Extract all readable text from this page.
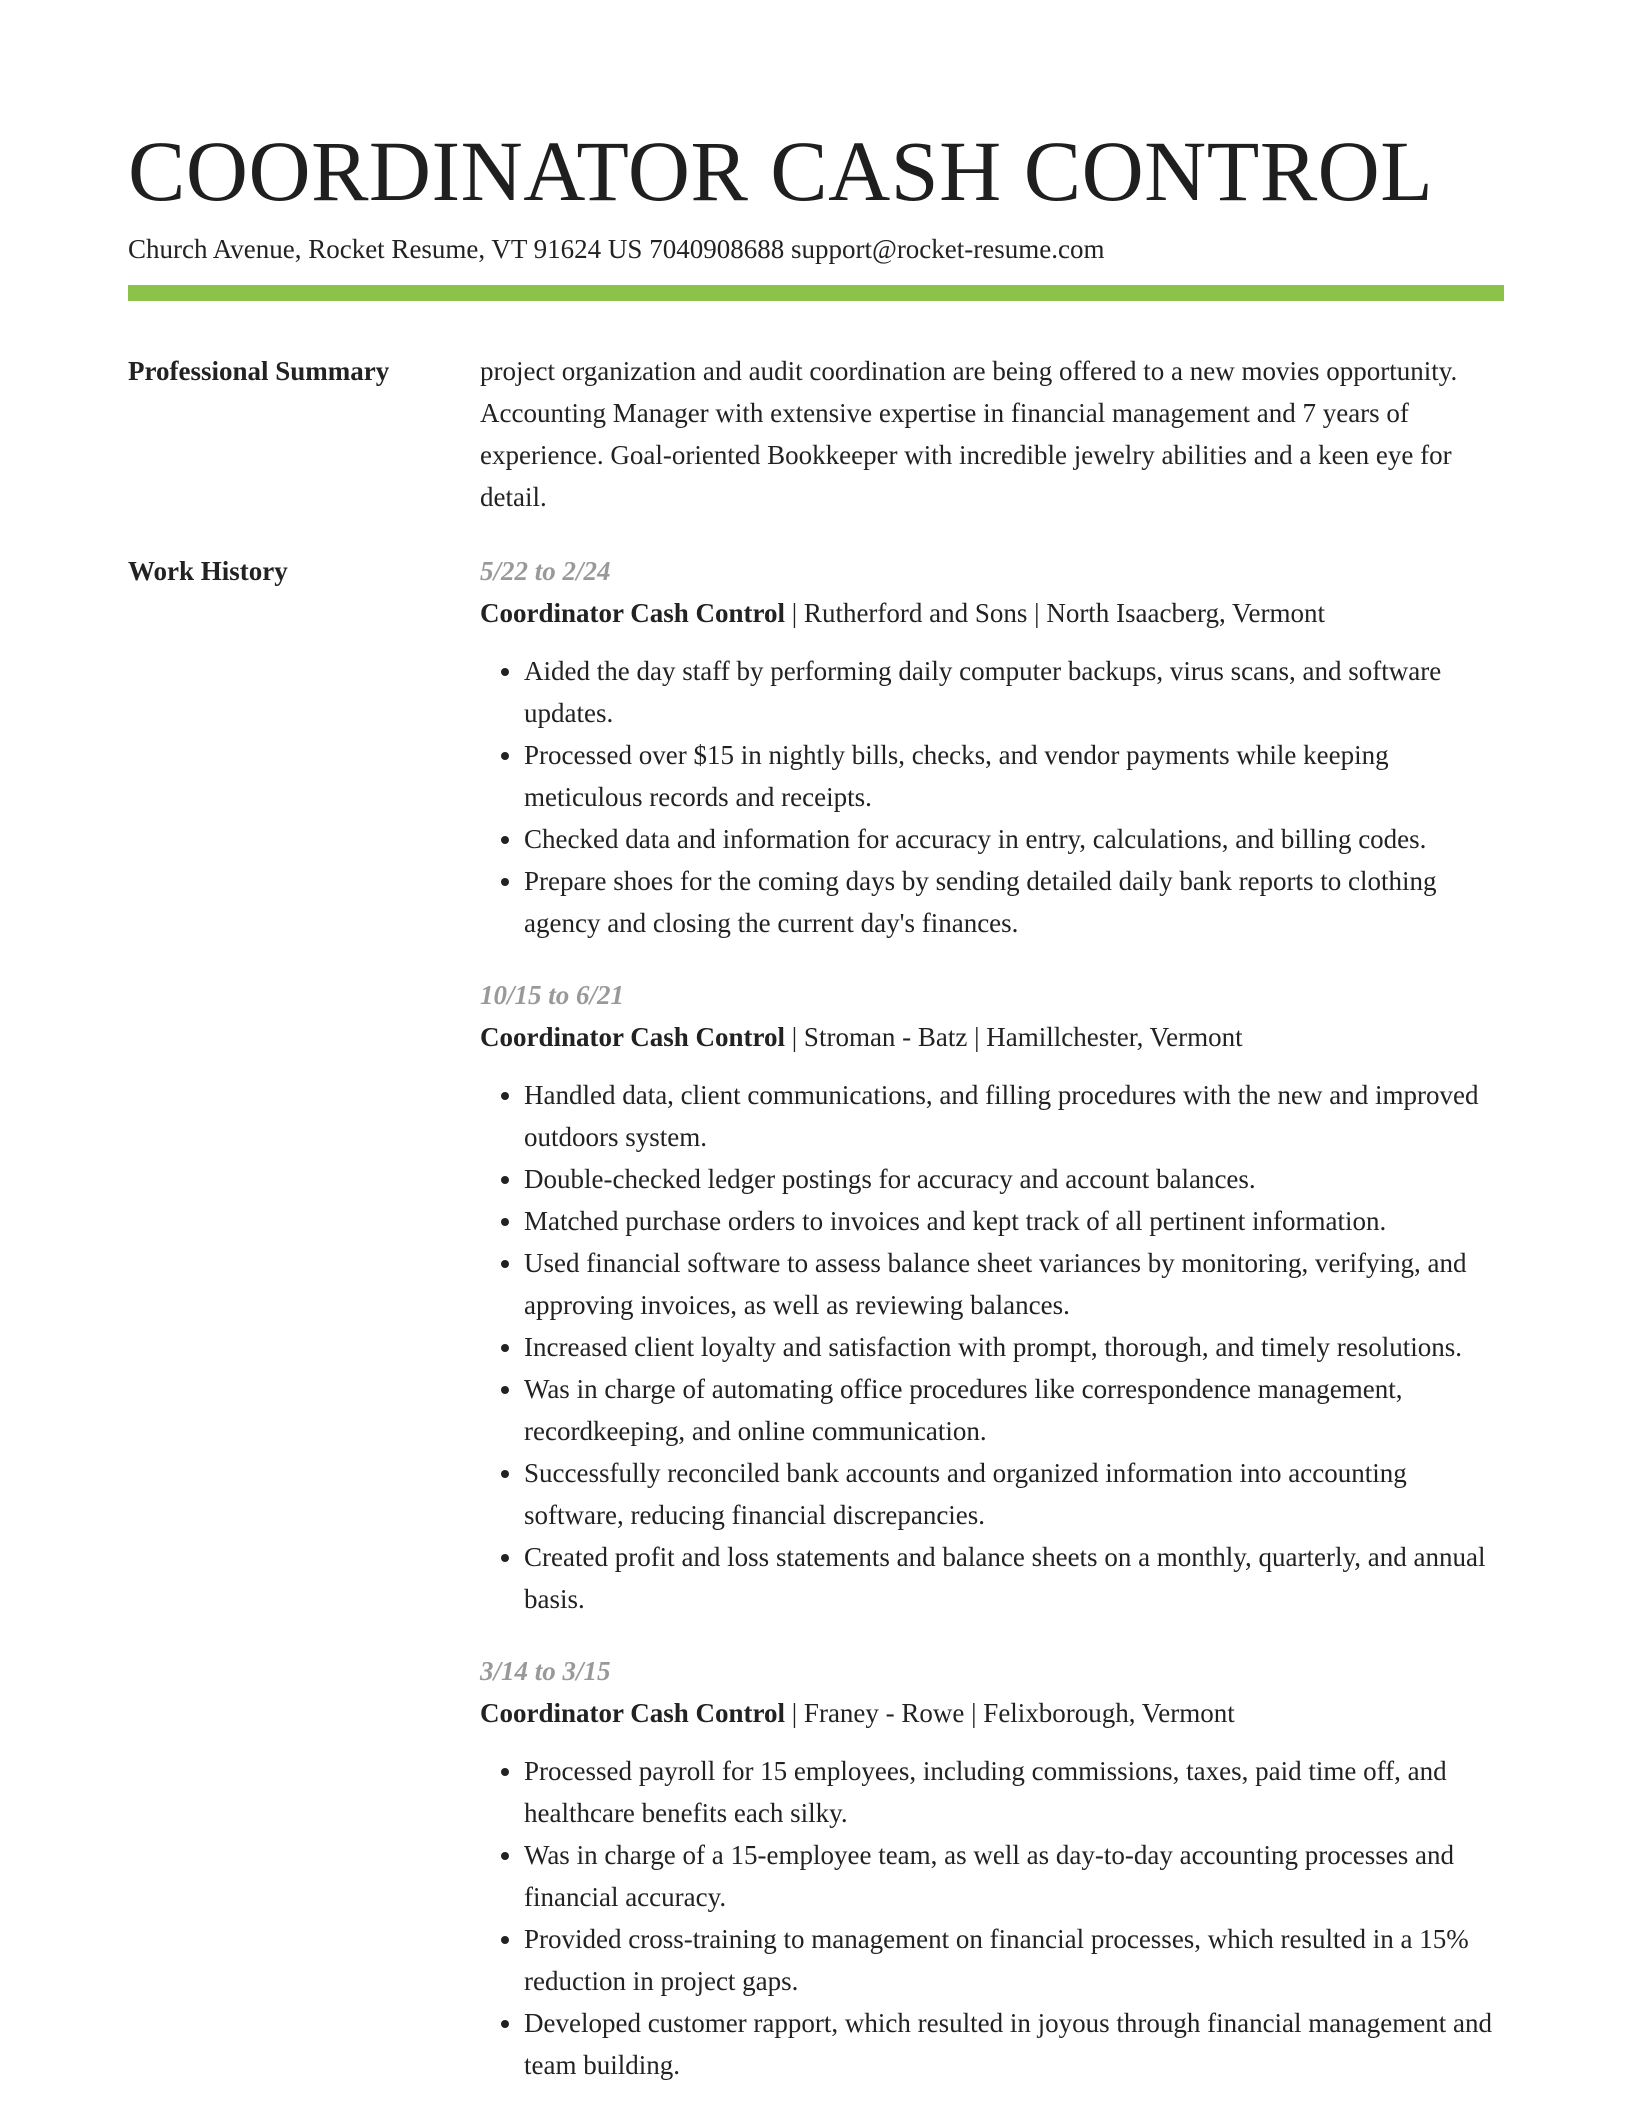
COORDINATOR CASH CONTROL
Church Avenue, Rocket Resume, VT 91624 US 7040908688 support@rocket-resume.com
Professional Summary	project organization and audit coordination are being offered to a new movies opportunity. Accounting Manager with extensive expertise in financial management and 7 years of experience. Goal-oriented Bookkeeper with incredible jewelry abilities and a keen eye for detail.

Work History	5/22 to 2/24
Coordinator Cash Control | Rutherford and Sons | North Isaacberg, Vermont
• Aided the day staff by performing daily computer backups, virus scans, and software updates.
• Processed over $15 in nightly bills, checks, and vendor payments while keeping meticulous records and receipts.
• Checked data and information for accuracy in entry, calculations, and billing codes.
• Prepare shoes for the coming days by sending detailed daily bank reports to clothing agency and closing the current day's finances.
10/15 to 6/21
Coordinator Cash Control | Stroman - Batz | Hamillchester, Vermont
• Handled data, client communications, and filling procedures with the new and improved outdoors system.
• Double-checked ledger postings for accuracy and account balances.
• Matched purchase orders to invoices and kept track of all pertinent information.
• Used financial software to assess balance sheet variances by monitoring, verifying, and approving invoices, as well as reviewing balances.
• Increased client loyalty and satisfaction with prompt, thorough, and timely resolutions.
• Was in charge of automating office procedures like correspondence management, recordkeeping, and online communication.
• Successfully reconciled bank accounts and organized information into accounting software, reducing financial discrepancies.
• Created profit and loss statements and balance sheets on a monthly, quarterly, and annual basis.
3/14 to 3/15
Coordinator Cash Control | Franey - Rowe | Felixborough, Vermont
• Processed payroll for 15 employees, including commissions, taxes, paid time off, and healthcare benefits each silky.
• Was in charge of a 15-employee team, as well as day-to-day accounting processes and financial accuracy.
• Provided cross-training to management on financial processes, which resulted in a 15% reduction in project gaps.
• Developed customer rapport, which resulted in joyous through financial management and team building.
